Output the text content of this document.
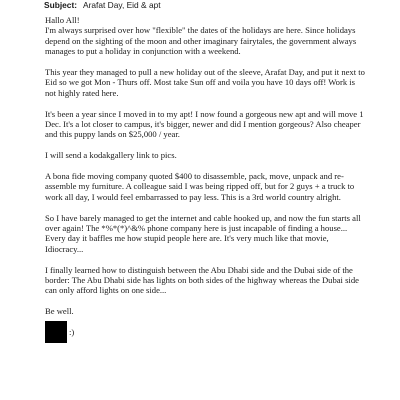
Subject: Arafat Day, Eid & apt

Hallo All!
I'm always surprised over how "flexible" the dates of the holidays are here. Since holidays depend on the sighting of the moon and other imaginary fairytales, the government always manages to put a holiday in conjunction with a weekend.

This year they managed to pull a new holiday out of the sleeve, Arafat Day, and put it next to Eid so we got Mon - Thurs off. Most take Sun off and voila you have 10 days off! Work is not highly rated here.

It's been a year since I moved in to my apt! I now found a gorgeous new apt and will move 1 Dec. It's a lot closer to campus, it's bigger, newer and did I mention gorgeous? Also cheaper and this puppy lands on $25,000 / year.

I will send a kodakgallery link to pics.

A bona fide moving company quoted $400 to disassemble, pack, move, unpack and re-assemble my furniture. A colleague said I was being ripped off, but for 2 guys + a truck to work all day, I would feel embarrassed to pay less. This is a 3rd world country alright.

So I have barely managed to get the internet and cable hooked up, and now the fun starts all over again! The *%*(*)^&% phone company here is just incapable of finding a house... Every day it baffles me how stupid people here are. It's very much like that movie, Idiocracy...

I finally learned how to distinguish between the Abu Dhabi side and the Dubai side of the border: The Abu Dhabi side has lights on both sides of the highway whereas the Dubai side can only afford lights on one side...

Be well.

:)
